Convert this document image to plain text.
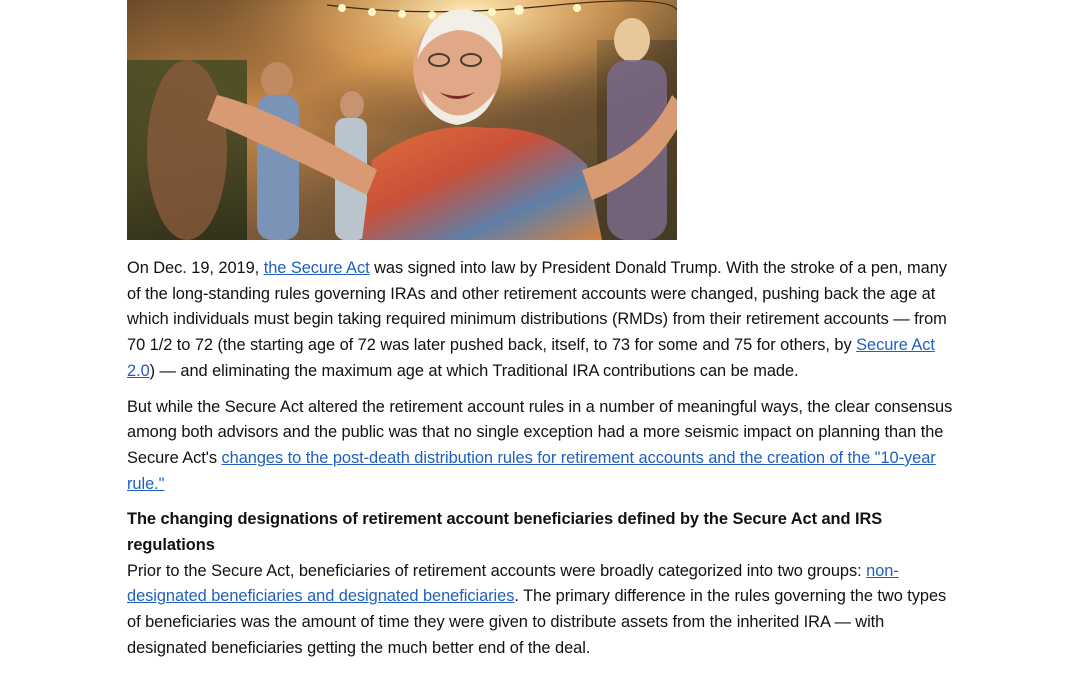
On Dec. 19, 2019, the Secure Act was signed into law by President Donald Trump. With the stroke of a pen, many of the long-standing rules governing IRAs and other retirement accounts were changed, pushing back the age at which individuals must begin taking required minimum distributions (RMDs) from their retirement accounts — from 70 1/2 to 72 (the starting age of 72 was later pushed back, itself, to 73 for some and 75 for others, by Secure Act 2.0) — and eliminating the maximum age at which Traditional IRA contributions can be made.

But while the Secure Act altered the retirement account rules in a number of meaningful ways, the clear consensus among both advisors and the public was that no single exception had a more seismic impact on planning than the Secure Act's changes to the post-death distribution rules for retirement accounts and the creation of the "10-year rule."

The changing designations of retirement account beneficiaries defined by the Secure Act and IRS regulations
Prior to the Secure Act, beneficiaries of retirement accounts were broadly categorized into two groups: non-designated beneficiaries and designated beneficiaries. The primary difference in the rules governing the two types of beneficiaries was the amount of time they were given to distribute assets from the inherited IRA — with designated beneficiaries getting the much better end of the deal.
